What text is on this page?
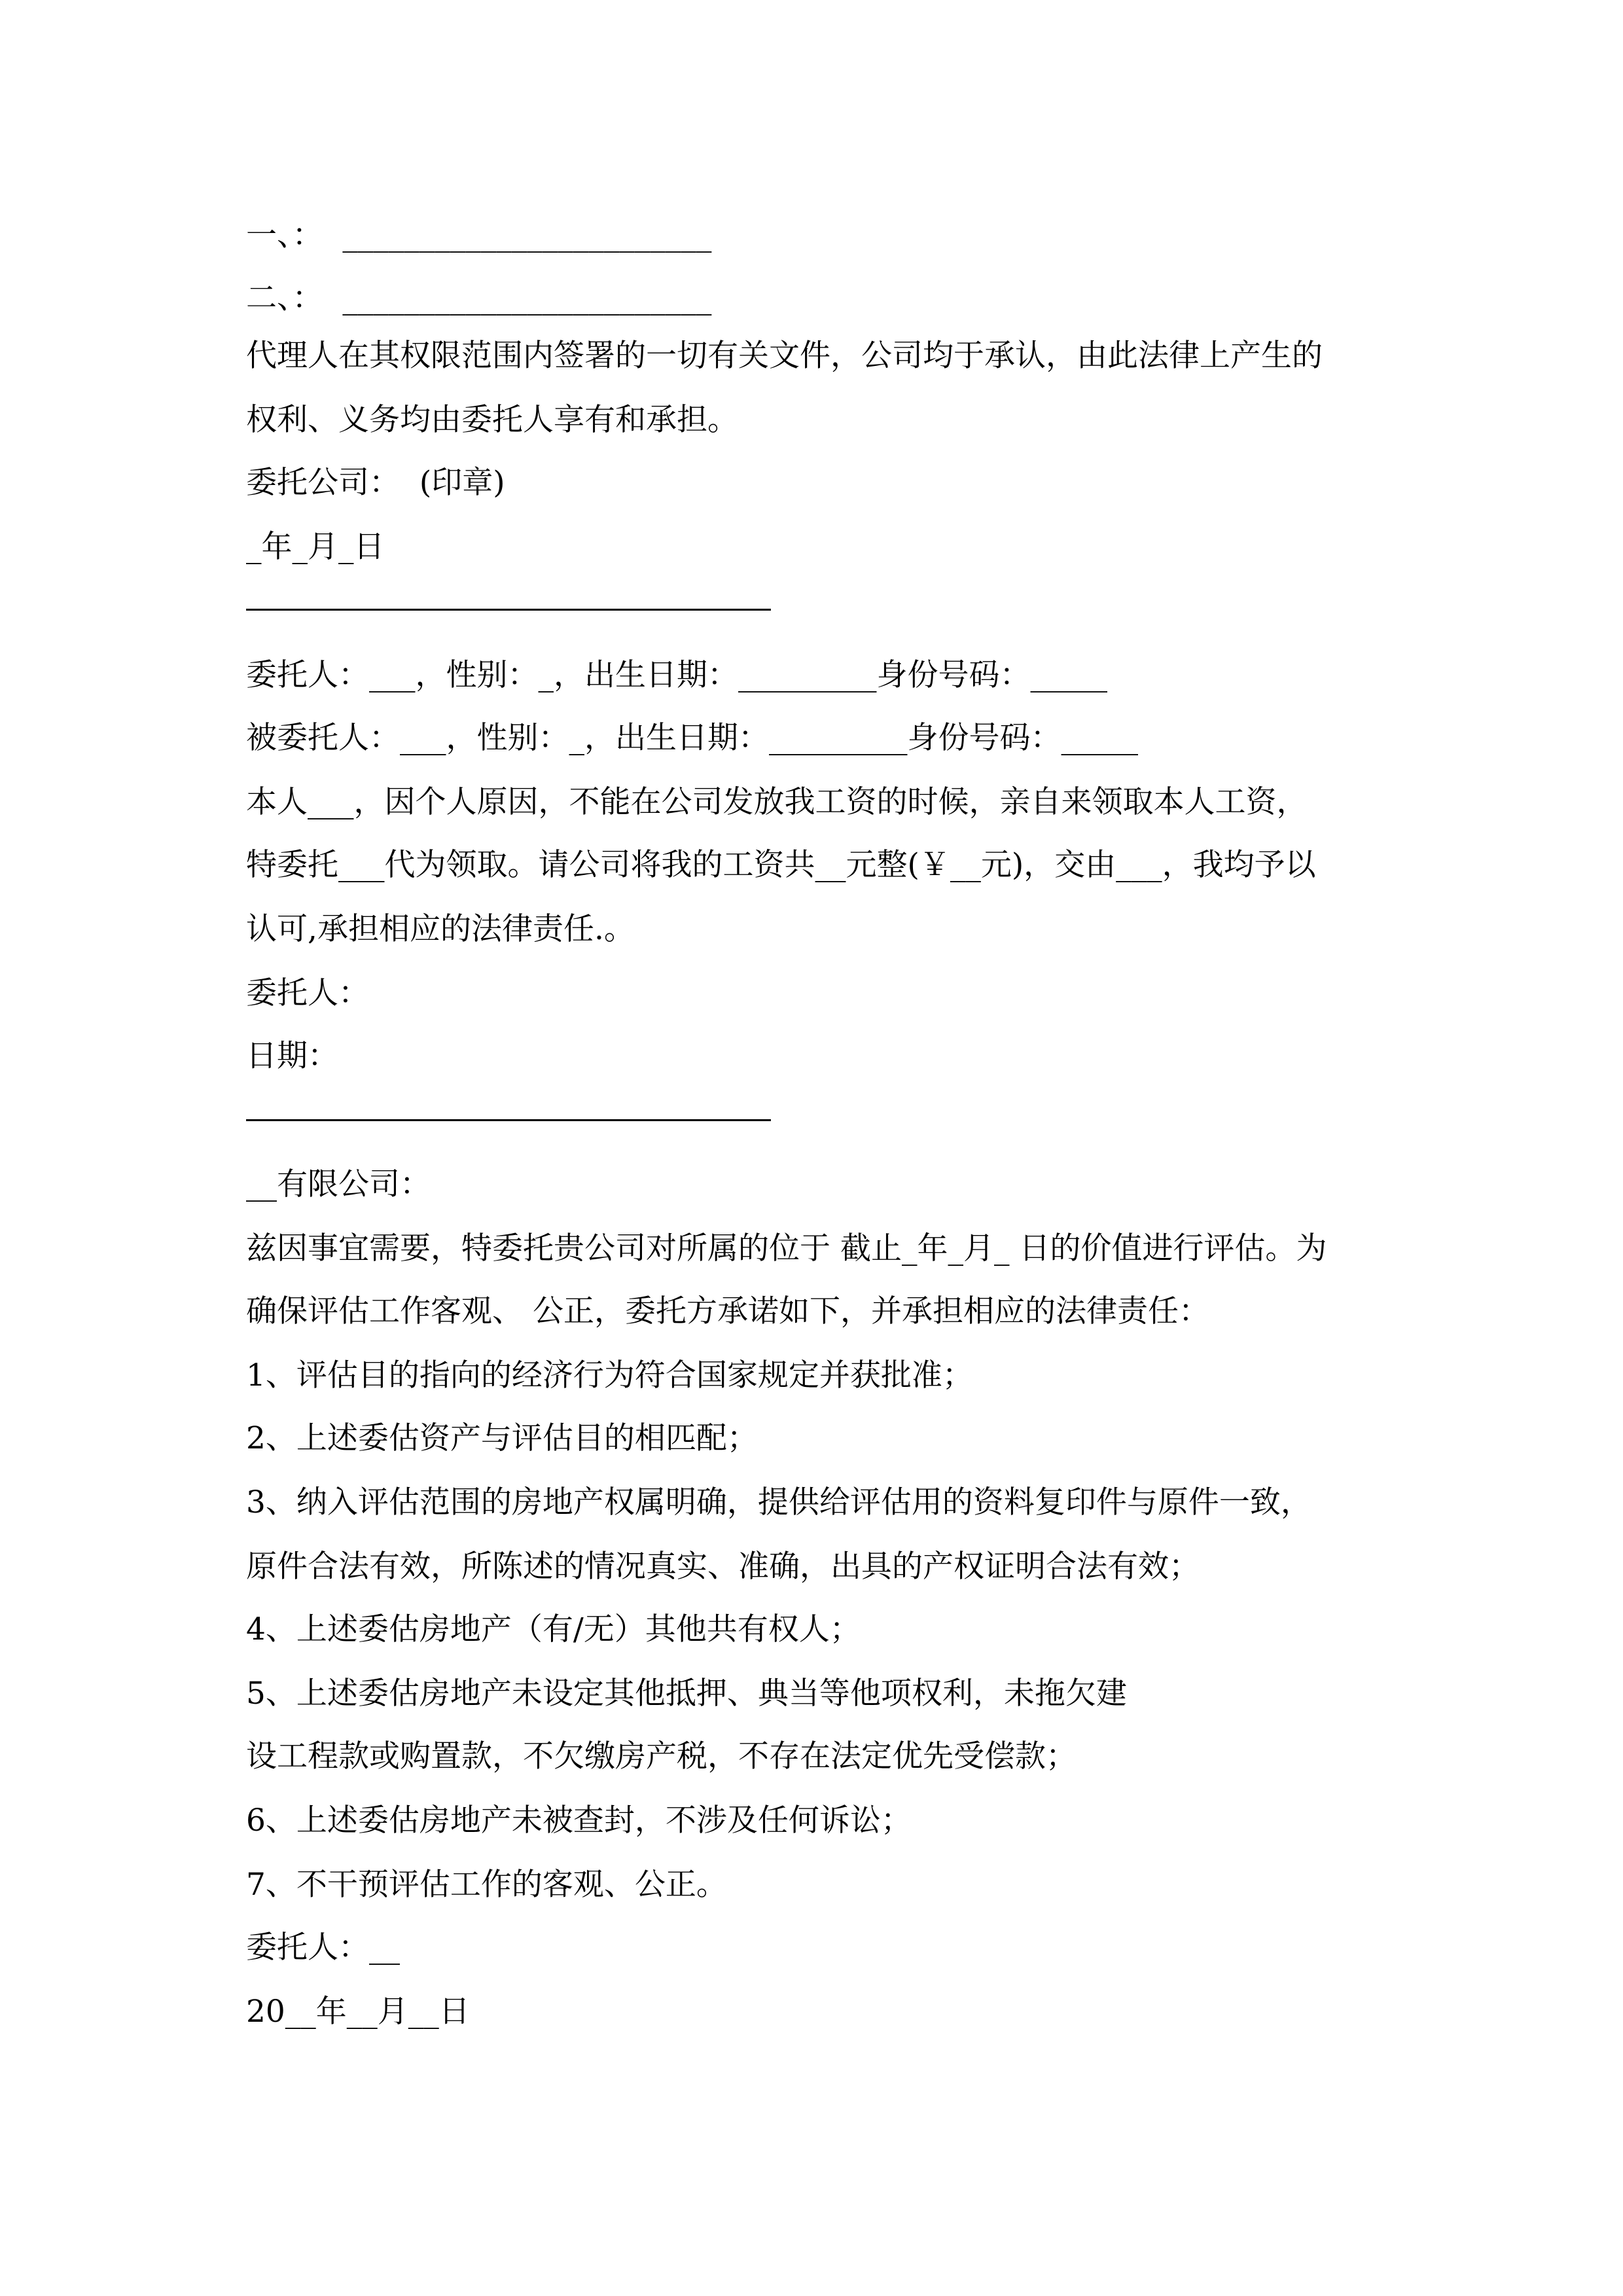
一、：  ________________________
二、：  ________________________
代理人在其权限范围内签署的一切有关文件，公司均于承认，由此法律上产生的
权利、义务均由委托人享有和承担。
委托公司：  (印章)
_年_月_日
委托人：___，性别：_，出生日期：_________身份号码：_____
被委托人：___，性别：_，出生日期：_________身份号码：_____
本人___，因个人原因，不能在公司发放我工资的时候，亲自来领取本人工资，
特委托___代为领取。请公司将我的工资共__元整(￥__元)，交由___，我均予以
认可,承担相应的法律责任.。
委托人：
日期：
__有限公司：
兹因事宜需要，特委托贵公司对所属的位于 截止_年_月_ 日的价值进行评估。为
确保评估工作客观、 公正，委托方承诺如下，并承担相应的法律责任：
1、评估目的指向的经济行为符合国家规定并获批准；
2、上述委估资产与评估目的相匹配；
3、纳入评估范围的房地产权属明确，提供给评估用的资料复印件与原件一致，
原件合法有效，所陈述的情况真实、准确，出具的产权证明合法有效；
4、上述委估房地产（有/无）其他共有权人；
5、上述委估房地产未设定其他抵押、典当等他项权利，未拖欠建
设工程款或购置款，不欠缴房产税，不存在法定优先受偿款；
6、上述委估房地产未被查封，不涉及任何诉讼；
7、不干预评估工作的客观、公正。
委托人：__
20__年__月__日
